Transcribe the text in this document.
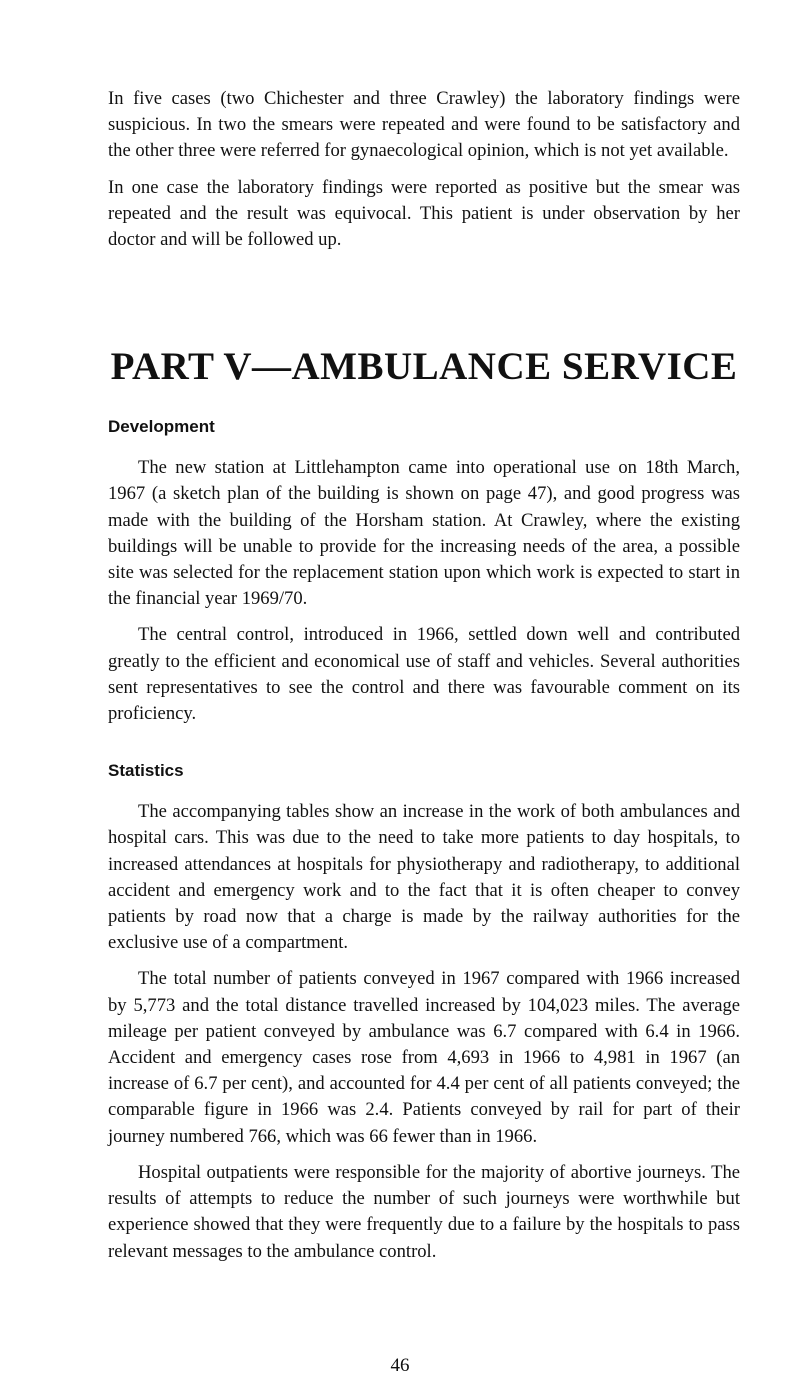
In five cases (two Chichester and three Crawley) the laboratory findings were suspicious. In two the smears were repeated and were found to be satisfactory and the other three were referred for gynaecological opinion, which is not yet available.

In one case the laboratory findings were reported as positive but the smear was repeated and the result was equivocal. This patient is under observation by her doctor and will be followed up.

PART V—AMBULANCE SERVICE
Development

The new station at Littlehampton came into operational use on 18th March, 1967 (a sketch plan of the building is shown on page 47), and good progress was made with the building of the Horsham station. At Crawley, where the existing buildings will be unable to provide for the increasing needs of the area, a possible site was selected for the replacement station upon which work is expected to start in the financial year 1969/70.

The central control, introduced in 1966, settled down well and contributed greatly to the efficient and economical use of staff and vehicles. Several authorities sent representatives to see the control and there was favourable comment on its proficiency.

Statistics

The accompanying tables show an increase in the work of both ambulances and hospital cars. This was due to the need to take more patients to day hospitals, to increased attendances at hospitals for physiotherapy and radiotherapy, to additional accident and emergency work and to the fact that it is often cheaper to convey patients by road now that a charge is made by the railway authorities for the exclusive use of a compartment.

The total number of patients conveyed in 1967 compared with 1966 increased by 5,773 and the total distance travelled increased by 104,023 miles. The average mileage per patient conveyed by ambulance was 6.7 compared with 6.4 in 1966. Accident and emergency cases rose from 4,693 in 1966 to 4,981 in 1967 (an increase of 6.7 per cent), and accounted for 4.4 per cent of all patients conveyed; the comparable figure in 1966 was 2.4. Patients conveyed by rail for part of their journey numbered 766, which was 66 fewer than in 1966.

Hospital outpatients were responsible for the majority of abortive journeys. The results of attempts to reduce the number of such journeys were worthwhile but experience showed that they were frequently due to a failure by the hospitals to pass relevant messages to the ambulance control.

46
